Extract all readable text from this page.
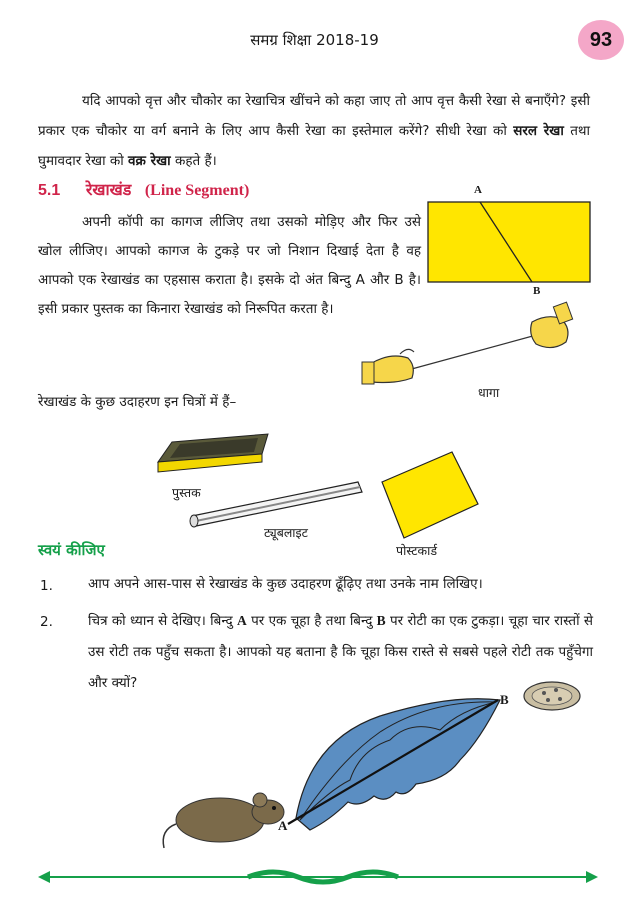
समग्र शिक्षा 2018-19	93
यदि आपको वृत्त और चौकोर का रेखाचित्र खींचने को कहा जाए तो आप वृत्त कैसी रेखा से बनाएँगे? इसी प्रकार एक चौकोर या वर्ग बनाने के लिए आप कैसी रेखा का इस्तेमाल करेंगे? सीधी रेखा को सरल रेखा तथा घुमावदार रेखा को वक्र रेखा कहते हैं।
5.1 रेखाखंड (Line Segment)
अपनी कॉपी का कागज लीजिए तथा उसको मोड़िए और फिर उसे खोल लीजिए। आपको कागज के टुकड़े पर जो निशान दिखाई देता है वह आपको एक रेखाखंड का एहसास कराता है। इसके दो अंत बिन्दु A और B है। इसी प्रकार पुस्तक का किनारा रेखाखंड को निरूपित करता है।
A
B
धागा
रेखाखंड के कुछ उदाहरण इन चित्रों में हैं–
पुस्तक
ट्यूबलाइट
पोस्टकार्ड
स्वयं कीजिए
1.	आप अपने आस-पास से रेखाखंड के कुछ उदाहरण ढूँढ़िए तथा उनके नाम लिखिए।
2.	चित्र को ध्यान से देखिए। बिन्दु A पर एक चूहा है तथा बिन्दु B पर रोटी का एक टुकड़ा। चूहा चार रास्तों से उस रोटी तक पहुँच सकता है। आपको यह बताना है कि चूहा किस रास्ते से सबसे पहले रोटी तक पहुँचेगा और क्यों?
A
B
